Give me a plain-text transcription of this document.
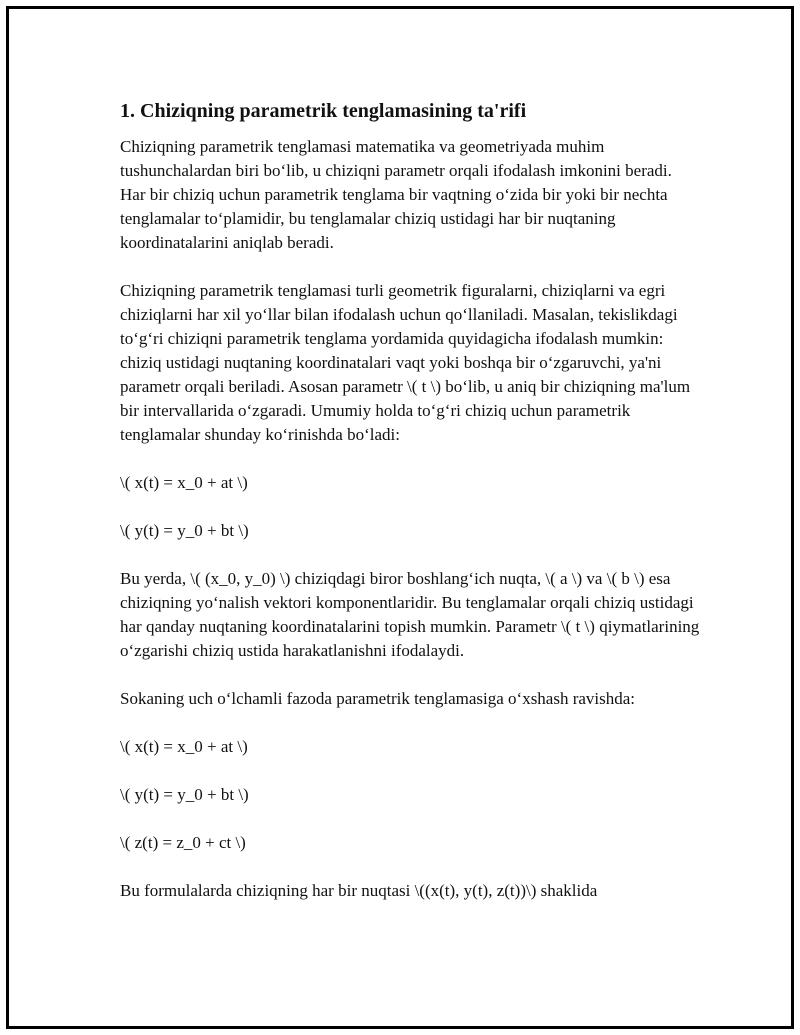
1. Chiziqning parametrik tenglamasining ta'rifi

Chiziqning parametrik tenglamasi matematika va geometriyada muhim tushunchalardan biri bo‘lib, u chiziqni parametr orqali ifodalash imkonini beradi. Har bir chiziq uchun parametrik tenglama bir vaqtning o‘zida bir yoki bir nechta tenglamalar to‘plamidir, bu tenglamalar chiziq ustidagi har bir nuqtaning koordinatalarini aniqlab beradi.

Chiziqning parametrik tenglamasi turli geometrik figuralarni, chiziqlarni va egri chiziqlarni har xil yo‘llar bilan ifodalash uchun qo‘llaniladi. Masalan, tekislikdagi to‘g‘ri chiziqni parametrik tenglama yordamida quyidagicha ifodalash mumkin: chiziq ustidagi nuqtaning koordinatalari vaqt yoki boshqa bir o‘zgaruvchi, ya'ni parametr orqali beriladi. Asosan parametr \( t \) bo‘lib, u aniq bir chiziqning ma'lum bir intervallarida o‘zgaradi. Umumiy holda to‘g‘ri chiziq uchun parametrik tenglamalar shunday ko‘rinishda bo‘ladi:

\( x(t) = x_0 + at \)

\( y(t) = y_0 + bt \)

Bu yerda, \( (x_0, y_0) \) chiziqdagi biror boshlang‘ich nuqta, \( a \) va \( b \) esa chiziqning yo‘nalish vektori komponentlaridir. Bu tenglamalar orqali chiziq ustidagi har qanday nuqtaning koordinatalarini topish mumkin. Parametr \( t \) qiymatlarining o‘zgarishi chiziq ustida harakatlanishni ifodalaydi.

Sokaning uch o‘lchamli fazoda parametrik tenglamasiga o‘xshash ravishda:

\( x(t) = x_0 + at \)

\( y(t) = y_0 + bt \)

\( z(t) = z_0 + ct \)

Bu formulalarda chiziqning har bir nuqtasi \((x(t), y(t), z(t))\) shaklida
